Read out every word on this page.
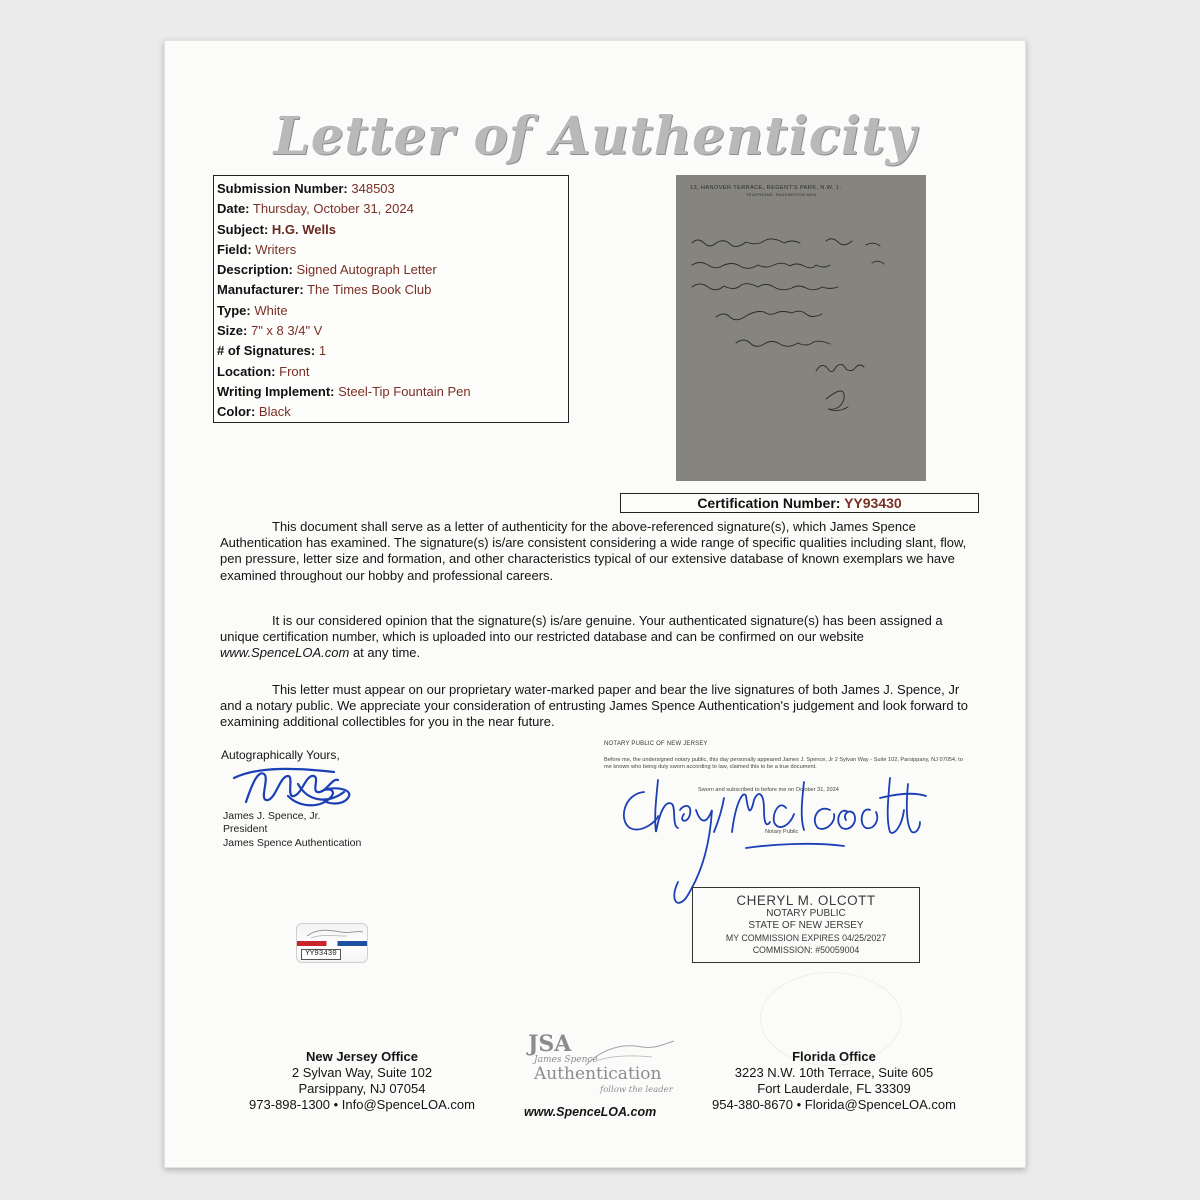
Letter of Authenticity
Submission Number: 348503
Date: Thursday, October 31, 2024
Subject: H.G. Wells
Field: Writers
Description: Signed Autograph Letter
Manufacturer: The Times Book Club
Type: White
Size: 7" x 8 3/4" V
# of Signatures: 1
Location: Front
Writing Implement: Steel-Tip Fountain Pen
Color: Black
13, HANOVER TERRACE, REGENT'S PARK, N.W. 1.
TELEPHONE: PADDINGTON 6204.
Certification Number: YY93430

This document shall serve as a letter of authenticity for the above-referenced signature(s), which James Spence Authentication has examined. The signature(s) is/are consistent considering a wide range of specific qualities including slant, flow, pen pressure, letter size and formation, and other characteristics typical of our extensive database of known exemplars we have examined throughout our hobby and professional careers.

It is our considered opinion that the signature(s) is/are genuine. Your authenticated signature(s) has been assigned a unique certification number, which is uploaded into our restricted database and can be confirmed on our website www.SpenceLOA.com at any time.

This letter must appear on our proprietary water-marked paper and bear the live signatures of both James J. Spence, Jr and a notary public. We appreciate your consideration of entrusting James Spence Authentication's judgement and look forward to examining additional collectibles for you in the near future.

Autographically Yours,
James J. Spence, Jr.
President
James Spence Authentication
NOTARY PUBLIC OF NEW JERSEY

Before me, the undersigned notary public, this day personally appeared James J. Spence, Jr 2 Sylvan Way - Suite 102, Parsippany, NJ 07054, to me known who being duly sworn according to law, claimed this to be a true document.

Sworn and subscribed to before me on October 31, 2024
Notary Public
CHERYL M. OLCOTT
NOTARY PUBLIC
STATE OF NEW JERSEY
MY COMMISSION EXPIRES 04/25/2027
COMMISSION: #50059004
YY93430
New Jersey Office
2 Sylvan Way, Suite 102
Parsippany, NJ 07054
973-898-1300 • Info@SpenceLOA.com
JSA
James Spence
Authentication
follow the leader
www.SpenceLOA.com
Florida Office
3223 N.W. 10th Terrace, Suite 605
Fort Lauderdale, FL 33309
954-380-8670 • Florida@SpenceLOA.com
